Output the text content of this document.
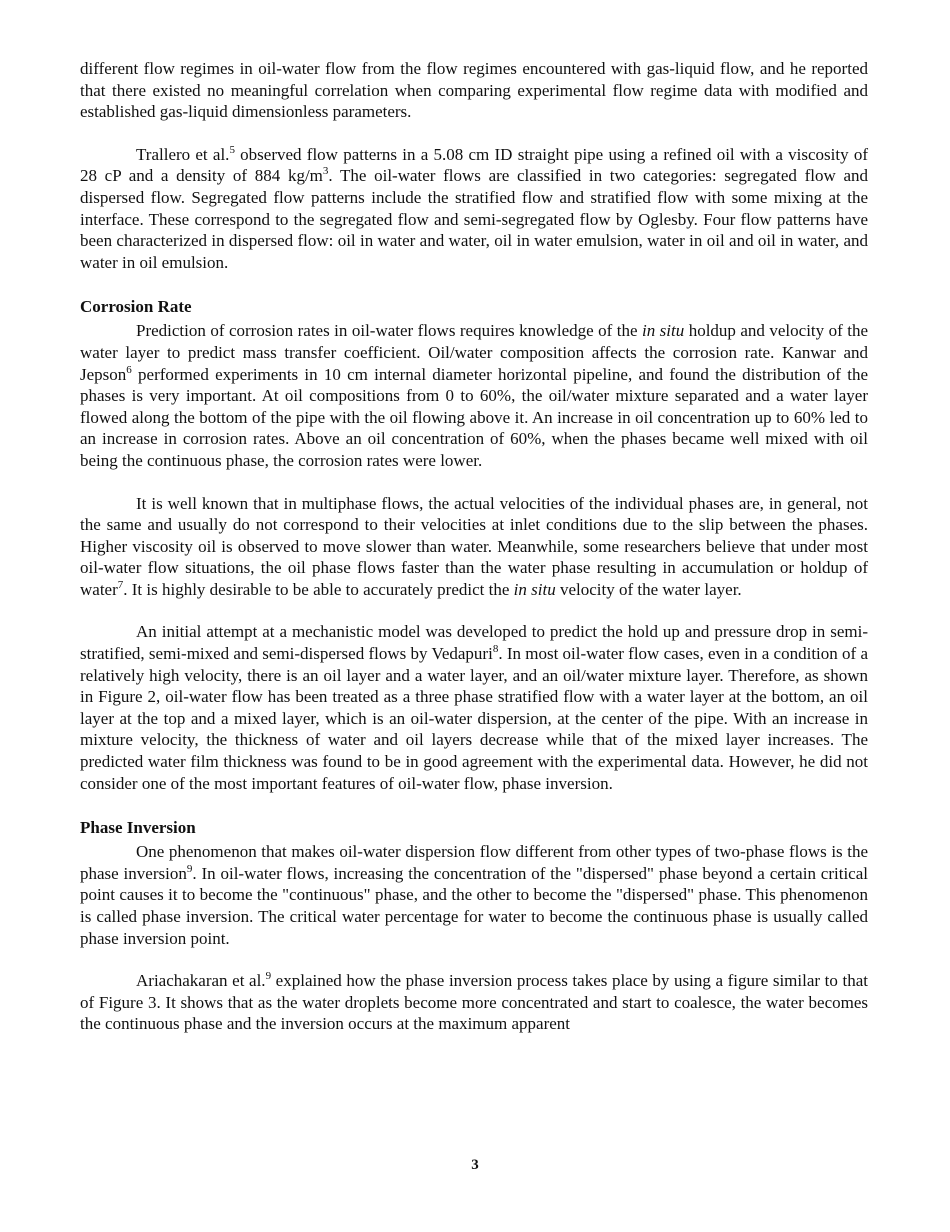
different flow regimes in oil-water flow from the flow regimes encountered with gas-liquid flow, and he reported that there existed no meaningful correlation when comparing experimental flow regime data with modified and established gas-liquid dimensionless parameters.

Trallero et al.$^5$ observed flow patterns in a 5.08 cm ID straight pipe using a refined oil with a viscosity of 28 cP and a density of 884 $kg/m^3$. The oil-water flows are classified in two categories: segregated flow and dispersed flow. Segregated flow patterns include the stratified flow and stratified flow with some mixing at the interface. These correspond to the segregated flow and semi-segregated flow by Oglesby. Four flow patterns have been characterized in dispersed flow: oil in water and water, oil in water emulsion, water in oil and oil in water, and water in oil emulsion.

Corrosion Rate

Prediction of corrosion rates in oil-water flows requires knowledge of the in situ holdup and velocity of the water layer to predict mass transfer coefficient. Oil/water composition affects the corrosion rate. Kanwar and Jepson$^6$ performed experiments in 10 cm internal diameter horizontal pipeline, and found the distribution of the phases is very important. At oil compositions from 0 to 60%, the oil/water mixture separated and a water layer flowed along the bottom of the pipe with the oil flowing above it. An increase in oil concentration up to 60% led to an increase in corrosion rates. Above an oil concentration of 60%, when the phases became well mixed with oil being the continuous phase, the corrosion rates were lower.

It is well known that in multiphase flows, the actual velocities of the individual phases are, in general, not the same and usually do not correspond to their velocities at inlet conditions due to the slip between the phases. Higher viscosity oil is observed to move slower than water. Meanwhile, some researchers believe that under most oil-water flow situations, the oil phase flows faster than the water phase resulting in accumulation or holdup of water$^7$. It is highly desirable to be able to accurately predict the in situ velocity of the water layer.

An initial attempt at a mechanistic model was developed to predict the hold up and pressure drop in semi-stratified, semi-mixed and semi-dispersed flows by Vedapuri$^8$. In most oil-water flow cases, even in a condition of a relatively high velocity, there is an oil layer and a water layer, and an oil/water mixture layer. Therefore, as shown in Figure 2, oil-water flow has been treated as a three phase stratified flow with a water layer at the bottom, an oil layer at the top and a mixed layer, which is an oil-water dispersion, at the center of the pipe. With an increase in mixture velocity, the thickness of water and oil layers decrease while that of the mixed layer increases. The predicted water film thickness was found to be in good agreement with the experimental data. However, he did not consider one of the most important features of oil-water flow, phase inversion.

Phase Inversion

One phenomenon that makes oil-water dispersion flow different from other types of two-phase flows is the phase inversion$^9$. In oil-water flows, increasing the concentration of the "dispersed" phase beyond a certain critical point causes it to become the "continuous" phase, and the other to become the "dispersed" phase. This phenomenon is called phase inversion. The critical water percentage for water to become the continuous phase is usually called phase inversion point.

Ariachakaran et al.$^9$ explained how the phase inversion process takes place by using a figure similar to that of Figure 3. It shows that as the water droplets become more concentrated and start to coalesce, the water becomes the continuous phase and the inversion occurs at the maximum apparent

3
